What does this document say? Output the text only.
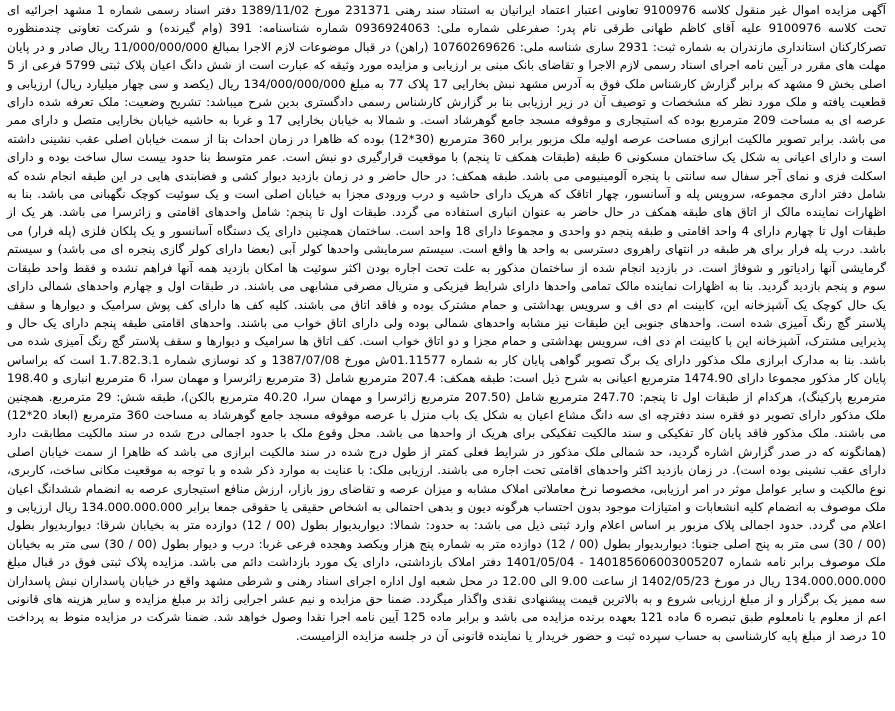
آگهی مزایده اموال غیر منقول کلاسه 9100976 تعاونی اعتبار اعتماد ایرانیان به استناد سند رهنی 231371 مورخ 1389/11/02 دفتر اسناد رسمی شماره 1 مشهد اجرائیه ای تحت کلاسه 9100976 علیه آقای کاظم طهانی طرقی نام پدر: صفرعلی شماره ملی: 0936924063 شماره شناسنامه: 391 (وام گیرنده) و شرکت تعاونی چندمنظوره تصرکارکنان استانداری مازندران به شماره ثبت: 2931 ساری شناسه ملی: 10760269626 (راهن) در قبال موضوعات لازم الاجرا بمبالغ 11/000/000/000 ریال صادر و در پایان مهلت های مقرر در آیین نامه اجرای اسناد رسمی لازم الاجرا و تقاضای بانک مبنی بر ارزیابی و مزایده مورد وثیقه که عبارت است از شش دانگ اعیان پلاک ثبتی 5799 فرعی از 5 اصلی بخش 9 مشهد که برابر گزارش کارشناس ملک فوق به آدرس مشهد نبش بخارایی 17 پلاک 77 به مبلغ 134/000/000/000 ریال (یکصد و سی چهار میلیارد ریال) ارزیابی و قطعیت یافته و ملک مورد نظر که مشخصات و توصیف آن در زیر ارزیابی بنا بر گزارش کارشناس رسمی دادگستری بدین شرح میباشد: تشریح وضعیت: ملک تعرفه شده دارای عرصه ای به مساحت 209 مترمربع بوده که استیجاری و موقوفه مسجد جامع گوهرشاد است. و شمالا به خیابان بخارایی 17 و غربا به حاشیه خیابان بخارایی متصل و دارای ممر می باشد. برابر تصویر مالکیت ابرازی مساحت عرصه اولیه ملک مزبور برابر 360 مترمربع (30*12) بوده که ظاهرا در زمان احداث بنا از سمت خیابان اصلی عقب نشینی داشته است و دارای اعیانی به شکل یک ساختمان مسکونی 6 طبقه (طبقات همکف تا پنجم) با موقعیت قرارگیری دو نبش است. عمر متوسط بنا حدود بیست سال ساخت بوده و دارای اسکلت فزی و نمای آجر سفال سه سانتی با پنجره آلومینیومی می باشد. طبقه همکف: در حال حاضر و در زمان بازدید دیوار کشی و فضابندی هایی در این طبقه انجام شده که شامل دفتر اداری مجموعه، سرویس پله و آسانسور، چهار اتاقک که هریک دارای حاشیه و درب ورودی مجزا به خیابان اصلی است و یک سوئیت کوچک نگهبانی می باشد. بنا به اظهارات نماینده مالک از اتاق های طبقه همکف در حال حاضر به عنوان انباری استفاده می گردد. طبقات اول تا پنجم: شامل واحدهای اقامتی و زائرسرا می باشد. هر یک از طبقات اول تا چهارم دارای 4 واحد اقامتی و طبقه پنجم دو واحدی و مجموعا دارای 18 واحد است. ساختمان همچنین دارای یک دستگاه آسانسور و یک پلکان فلزی (پله فرار) می باشد. درب پله فرار برای هر طبقه در انتهای راهروی دسترسی به واحد ها واقع است. سیستم سرمایشی واحدها کولر آبی (بعضا دارای کولر گازی پنجره ای می باشد) و سیستم گرمایشی آنها رادیاتور و شوفاژ است. در بازدید انجام شده از ساختمان مذکور به علت تحت اجاره بودن اکثر سوئیت ها امکان بازدید همه آنها فراهم نشده و فقط واحد طبقات سوم و پنجم بازدید گردید. بنا به اظهارات نماینده مالک تمامی واحدها دارای شرایط فیزیکی و متریال مصرفی مشابهی می باشند. در طبقات اول و چهارم واحدهای شمالی دارای یک حال کوچک یک آشپزخانه این، کابینت ام دی اف و سرویس بهداشتی و حمام مشترک بوده و فاقد اتاق می باشند. کلیه کف ها دارای کف پوش سرامیک و دیوارها و سقف پلاستر گچ رنگ آمیزی شده است. واحدهای جنوبی این طبقات نیز مشابه واحدهای شمالی بوده ولی دارای اتاق خواب می باشند. واحدهای اقامتی طبقه پنجم دارای یک حال و پذیرایی مشترک، آشپزخانه این با کابینت ام دی اف، سرویس بهداشتی و حمام مجزا و دو اتاق خواب است. کف اتاق ها سرامیک و دیوارها و سقف پلاستر گچ رنگ آمیزی شده می باشد. بنا به مدارک ابرازی ملک مذکور دارای یک برگ تصویر گواهی پایان کار به شماره 01.11577ش مورخ 1387/07/08 و کد نوسازی شماره 1.7.82.3.1 است که براساس پایان کار مذکور مجموعا دارای 1474.90 مترمربع اعیانی به شرح ذیل است: طبقه همکف: 207.4 مترمربع شامل (3 مترمربع زائرسرا و مهمان سرا، 6 مترمربع انباری و 198.40 مترمربع پارکینگ)، هرکدام از طبقات اول تا پنجم: 247.70 مترمربع شامل (207.50 مترمربع زائرسرا و مهمان سرا، 40.20 مترمربع بالکن)، طبقه شش: 29 مترمربع. همچنین ملک مذکور دارای تصویر دو فقره سند دفترچه ای سه دانگ مشاع اعیان به شکل یک باب منزل با عرصه موقوفه مسجد جامع گوهرشاد به مساحت 360 مترمربع (ابعاد 20*12) می باشند. ملک مذکور فاقد پایان کار تفکیکی و سند مالکیت تفکیکی برای هریک از واحدها می باشد. محل وقوع ملک با حدود اجمالی درج شده در سند مالکیت مطابقت دارد (همانگونه که در صدر گزارش اشاره گردید، حد شمالی ملک مذکور در شرایط فعلی کمتر از طول درج شده در سند مالکیت ابرازی می باشد که ظاهرا از سمت خیابان اصلی دارای عقب نشینی بوده است). در زمان بازدید اکثر واحدهای اقامتی تحت اجاره می باشند. ارزیابی ملک: با عنایت به موارد ذکر شده و با توجه به موقعیت مکانی ساخت، کاربری، نوع مالکیت و سایر عوامل موثر در امر ارزیابی، مخصوصا نرخ معاملاتی املاک مشابه و میزان عرصه و تقاضای روز بازار، ارزش منافع استیجاری عرصه به انضمام ششدانگ اعیان ملک موصوف به انضمام کلیه انشعابات و امتیازات موجود بدون احتساب هرگونه دیون و بدهی احتمالی به اشخاص حقیقی یا حقوقی جمعا برابر 134.000.000.000 ریال ارزیابی و اعلام می گردد. حدود اجمالی پلاک مزبور بر اساس اعلام وارد ثبتی ذیل می باشد: به حدود: شمالا: دیواربدیوار بطول (00 / 12) دوازده متر به بخیابان شرقا: دیواربدیوار بطول (00 / 30) سی متر به پنج اصلی جنوبا: دیواربدیوار بطول (00 / 12) دوازده متر به شماره پنج هزار ویکصد وهجده فرعی غربا: درب و دیوار بطول (00 / 30) سی متر به بخیابان ملک موصوف برابر نامه شماره 140185606003005207 - 1401/05/04 دفتر املاک بازداشتی، دارای یک مورد بازداشت دائم می باشد. مزایده پلاک ثبتی فوق در قبال مبلغ 134.000.000.000 ریال در مورخ 1402/05/23 از ساعت 9.00 الی 12.00 در محل شعبه اول اداره اجرای اسناد رهنی و شرطی مشهد واقع در خیابان پاسداران نبش پاسداران سه ممیز یک برگزار و از مبلغ ارزیابی شروع و به بالاترین قیمت پیشنهادی نقدی واگذار میگردد. ضمنا حق مزایده و نیم عشر اجرایی زائد بر مبلغ مزایده و سایر هزینه های قانونی اعم از معلوم یا نامعلوم طبق تبصره 6 ماده 121 بعهده برنده مزایده می باشد و برابر ماده 125 آیین نامه اجرا نقدا وصول خواهد شد. ضمنا شرکت در مزایده منوط به پرداخت 10 درصد از مبلغ پایه کارشناسی به حساب سپرده ثبت و حضور خریدار یا نماینده قانونی آن در جلسه مزایده الزامیست.
